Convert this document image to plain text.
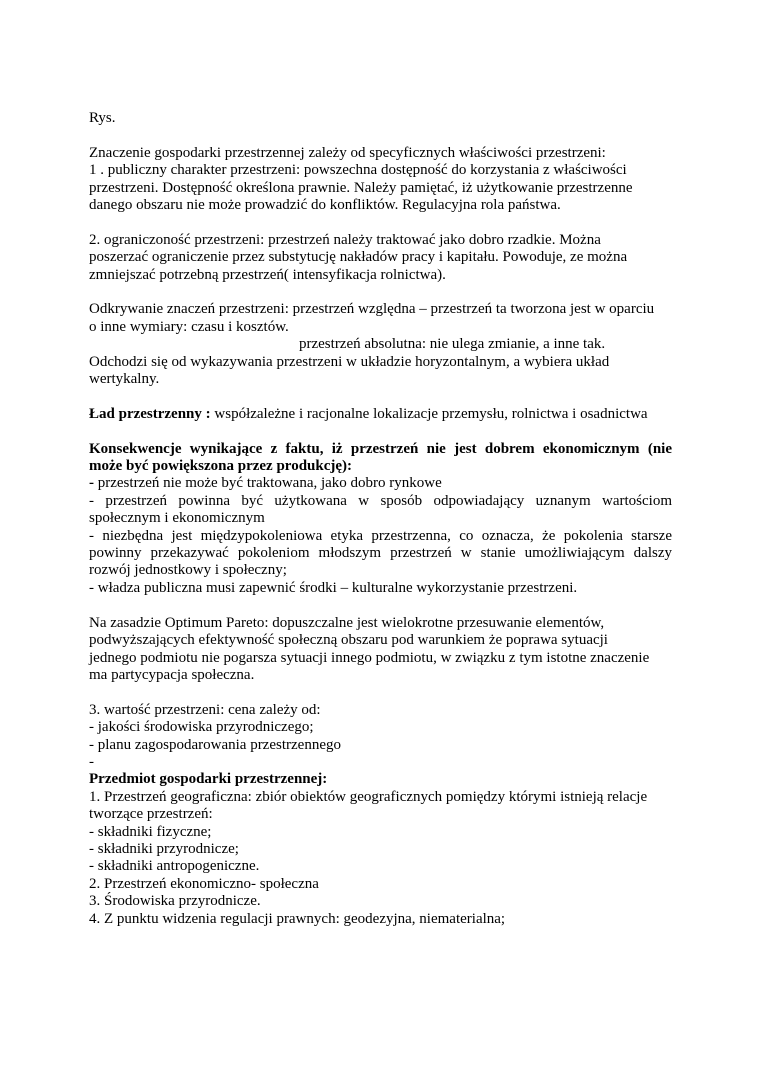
Rys.

Znaczenie gospodarki przestrzennej zależy od specyficznych właściwości przestrzeni:
1 . publiczny charakter przestrzeni: powszechna dostępność do korzystania z właściwości
przestrzeni. Dostępność określona prawnie. Należy pamiętać, iż użytkowanie przestrzenne
danego obszaru nie może prowadzić do konfliktów. Regulacyjna rola państwa.

2. ograniczoność przestrzeni: przestrzeń należy traktować jako dobro rzadkie. Można
poszerzać ograniczenie przez substytucję nakładów pracy i kapitału. Powoduje, ze można
zmniejszać potrzebną przestrzeń( intensyfikacja rolnictwa).

Odkrywanie znaczeń przestrzeni: przestrzeń względna – przestrzeń ta tworzona jest w oparciu
o inne wymiary: czasu i kosztów.
przestrzeń absolutna: nie ulega zmianie, a inne tak.
Odchodzi się od wykazywania przestrzeni w układzie horyzontalnym, a wybiera układ
wertykalny.

Ład przestrzenny : współzależne i racjonalne lokalizacje przemysłu, rolnictwa i osadnictwa

Konsekwencje wynikające z faktu, iż przestrzeń nie jest dobrem ekonomicznym (nie
może być powiększona przez produkcję):
- przestrzeń nie może być traktowana, jako dobro rynkowe
- przestrzeń powinna być użytkowana w sposób odpowiadający uznanym wartościom
społecznym i ekonomicznym
- niezbędna jest międzypokoleniowa etyka przestrzenna, co oznacza, że pokolenia starsze
powinny przekazywać pokoleniom młodszym przestrzeń w stanie umożliwiającym dalszy
rozwój jednostkowy i społeczny;
- władza publiczna musi zapewnić środki – kulturalne wykorzystanie przestrzeni.

Na zasadzie Optimum Pareto: dopuszczalne jest wielokrotne przesuwanie elementów,
podwyższających efektywność społeczną obszaru pod warunkiem że poprawa sytuacji
jednego podmiotu nie pogarsza sytuacji innego podmiotu, w związku z tym istotne znaczenie
ma partycypacja społeczna.

3. wartość przestrzeni: cena zależy od:
- jakości środowiska przyrodniczego;
- planu zagospodarowania przestrzennego
-

Przedmiot gospodarki przestrzennej:
1. Przestrzeń geograficzna: zbiór obiektów geograficznych pomiędzy którymi istnieją relacje
tworzące przestrzeń:
- składniki fizyczne;
- składniki przyrodnicze;
- składniki antropogeniczne.
2. Przestrzeń ekonomiczno- społeczna
3. Środowiska przyrodnicze.
4. Z punktu widzenia regulacji prawnych: geodezyjna, niematerialna;
